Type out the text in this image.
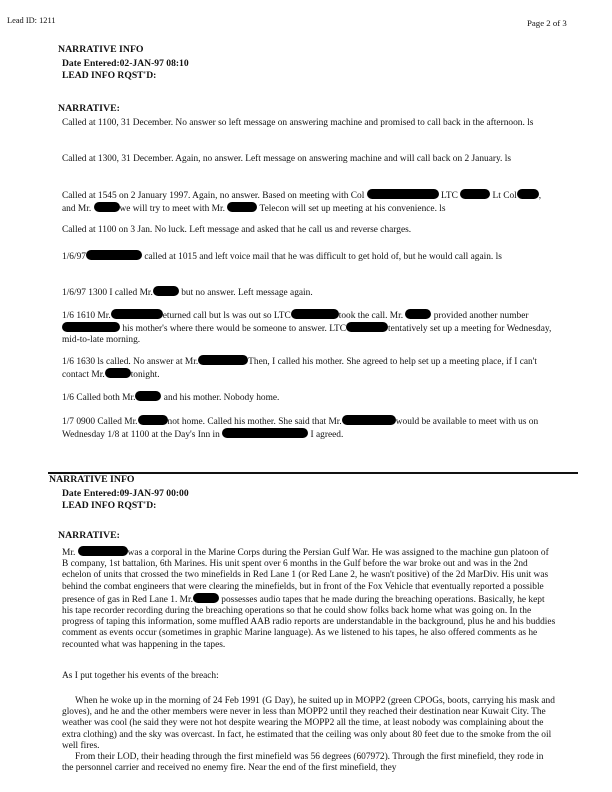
Lead ID: 1211	Page 2 of 3
NARRATIVE INFO
Date Entered:02-JAN-97 08:10
LEAD INFO RQST'D:
NARRATIVE:
Called at 1100, 31 December. No answer so left message on answering machine and promised to call back in the afternoon. ls
Called at 1300, 31 December. Again, no answer. Left message on answering machine and will call back on 2 January. ls
Called at 1545 on 2 January 1997. Again, no answer. Based on meeting with Col	LTC	Lt Col , and Mr.	we will try to meet with Mr.	Telecon will set up meeting at his convenience. ls
Called at 1100 on 3 Jan. No luck. Left message and asked that he call us and reverse charges.
1/6/97	called at 1015 and left voice mail that he was difficult to get hold of, but he would call again. ls
1/6/97 1300 I called Mr.	but no answer. Left message again.
1/6 1610 Mr.	eturned call but ls was out so LTC	took the call. Mr.	provided another number  his mother's where there would be someone to answer. LTC	tentatively set up a meeting for Wednesday, mid-to-late morning.
1/6 1630 ls called. No answer at Mr.	Then, I called his mother. She agreed to help set up a meeting place, if I can't contact Mr.	tonight.
1/6 Called both Mr.	and his mother. Nobody home.
1/7 0900 Called Mr.	not home. Called his mother. She said that Mr.	would be available to meet with us on Wednesday 1/8 at 1100 at the Day's Inn in	I agreed.
NARRATIVE INFO
Date Entered:09-JAN-97 00:00
LEAD INFO RQST'D:
NARRATIVE:
Mr.	was a corporal in the Marine Corps during the Persian Gulf War. He was assigned to the machine gun platoon of B company, 1st battalion, 6th Marines. His unit spent over 6 months in the Gulf before the war broke out and was in the 2nd echelon of units that crossed the two minefields in Red Lane 1 (or Red Lane 2, he wasn't positive) of the 2d MarDiv. His unit was behind the combat engineers that were clearing the minefields, but in front of the Fox Vehicle that eventually reported a possible presence of gas in Red Lane 1. Mr.	possesses audio tapes that he made during the breaching operations. Basically, he kept his tape recorder recording during the breaching operations so that he could show folks back home what was going on. In the progress of taping this information, some muffled AAB radio reports are understandable in the background, plus he and his buddies comment as events occur (sometimes in graphic Marine language). As we listened to his tapes, he also offered comments as he recounted what was happening in the tapes.
As I put together his events of the breach:
When he woke up in the morning of 24 Feb 1991 (G Day), he suited up in MOPP2 (green CPOGs, boots, carrying his mask and gloves), and he and the other members were never in less than MOPP2 until they reached their destination near Kuwait City. The weather was cool (he said they were not hot despite wearing the MOPP2 all the time, at least nobody was complaining about the extra clothing) and the sky was overcast. In fact, he estimated that the ceiling was only about 80 feet due to the smoke from the oil well fires.
From their LOD, their heading through the first minefield was 56 degrees (607972). Through the first minefield, they rode in the personnel carrier and received no enemy fire. Near the end of the first minefield, they
